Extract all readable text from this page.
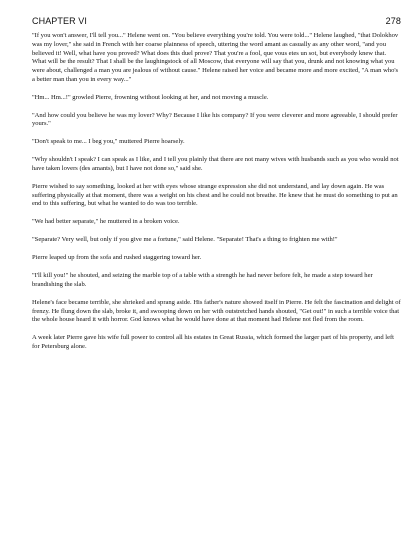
CHAPTER VI	278

"If you won't answer, I'll tell you..." Helene went on. "You believe everything you're told. You were told..." Helene laughed, "that Dolokhov was my lover," she said in French with her coarse plainness of speech, uttering the word amant as casually as any other word, "and you believed it! Well, what have you proved? What does this duel prove? That you're a fool, que vous etes un sot, but everybody knew that. What will be the result? That I shall be the laughingstock of all Moscow, that everyone will say that you, drunk and not knowing what you were about, challenged a man you are jealous of without cause." Helene raised her voice and became more and more excited, "A man who's a better man than you in every way..."

"Hm... Hm...!" growled Pierre, frowning without looking at her, and not moving a muscle.

"And how could you believe he was my lover? Why? Because I like his company? If you were cleverer and more agreeable, I should prefer yours."

"Don't speak to me... I beg you," muttered Pierre hoarsely.

"Why shouldn't I speak? I can speak as I like, and I tell you plainly that there are not many wives with husbands such as you who would not have taken lovers (des amants), but I have not done so," said she.

Pierre wished to say something, looked at her with eyes whose strange expression she did not understand, and lay down again. He was suffering physically at that moment, there was a weight on his chest and he could not breathe. He knew that he must do something to put an end to this suffering, but what he wanted to do was too terrible.

"We had better separate," he muttered in a broken voice.

"Separate? Very well, but only if you give me a fortune," said Helene. "Separate! That's a thing to frighten me with!"

Pierre leaped up from the sofa and rushed staggering toward her.

"I'll kill you!" he shouted, and seizing the marble top of a table with a strength he had never before felt, he made a step toward her brandishing the slab.

Helene's face became terrible, she shrieked and sprang aside. His father's nature showed itself in Pierre. He felt the fascination and delight of frenzy. He flung down the slab, broke it, and swooping down on her with outstretched hands shouted, "Get out!" in such a terrible voice that the whole house heard it with horror. God knows what he would have done at that moment had Helene not fled from the room.

A week later Pierre gave his wife full power to control all his estates in Great Russia, which formed the larger part of his property, and left for Petersburg alone.
